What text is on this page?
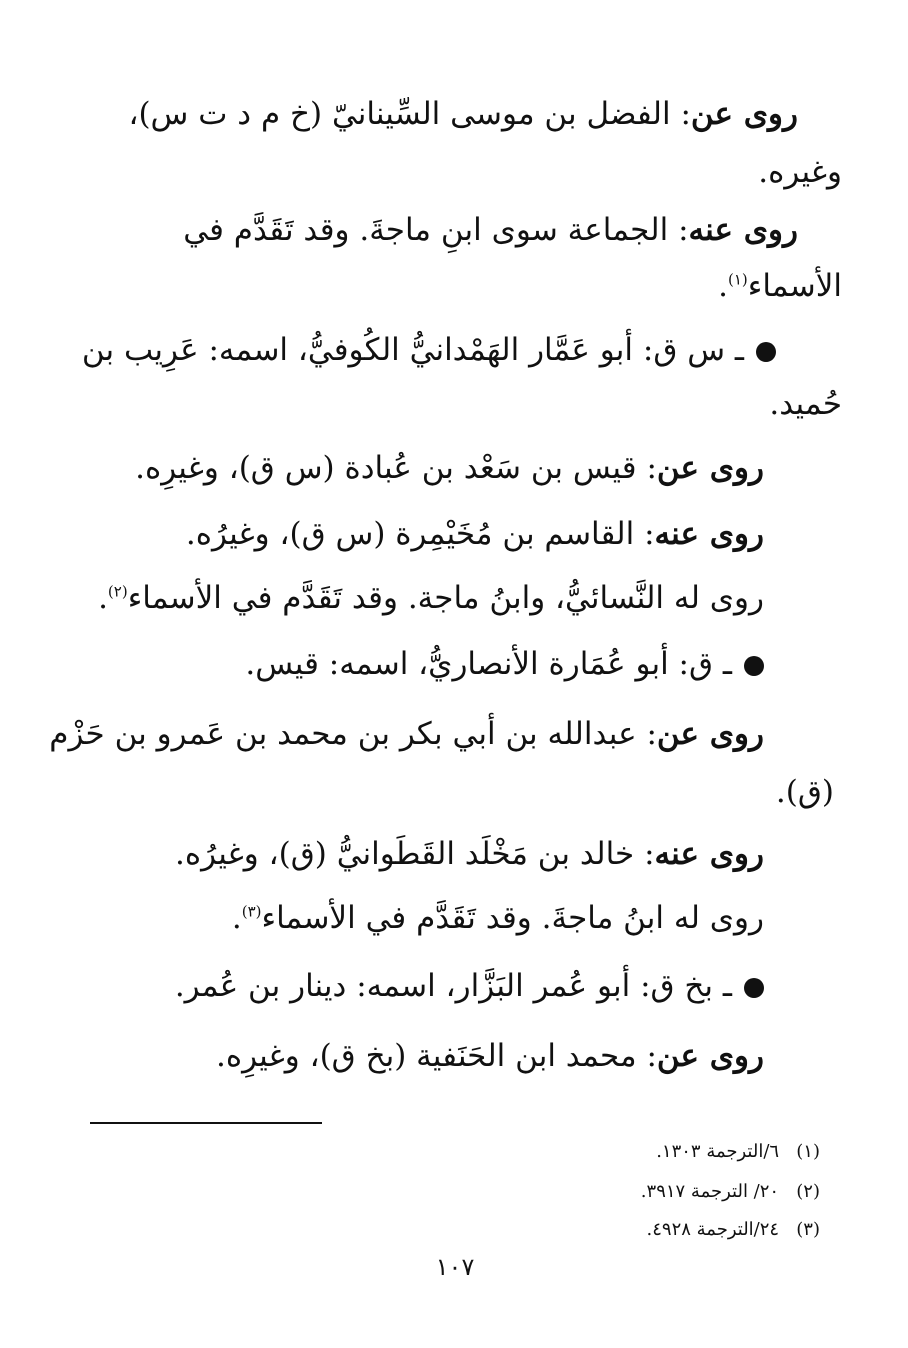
روى عن: الفضل بن موسى السِّينانيّ (خ م د ت س)،
وغيره.
روى عنه: الجماعة سوى ابنِ ماجةَ. وقد تَقَدَّم في
الأسماء$^{(١)}$.
ـ س ق: أبو عَمَّار الهَمْدانيُّ الكُوفيُّ، اسمه: عَرِيب بن
حُميد.
روى عن: قيس بن سَعْد بن عُبادة (س ق)، وغيرِه.
روى عنه: القاسم بن مُخَيْمِرة (س ق)، وغيرُه.
روى له النَّسائيُّ، وابنُ ماجة. وقد تَقَدَّم في الأسماء$^{(٢)}$.
ـ ق: أبو عُمَارة الأنصاريُّ، اسمه: قيس.
روى عن: عبدالله بن أبي بكر بن محمد بن عَمرو بن حَزْم
(ق).
روى عنه: خالد بن مَخْلَد القَطَوانيُّ (ق)، وغيرُه.
روى له ابنُ ماجةَ. وقد تَقَدَّم في الأسماء$^{(٣)}$.
ـ بخ ق: أبو عُمر البَزَّار، اسمه: دينار بن عُمر.
روى عن: محمد ابن الحَنَفية (بخ ق)، وغيرِه.
(١)   ٦/الترجمة ١٣٠٣.
(٢)   ٢٠/ الترجمة ٣٩١٧.
(٣)   ٢٤/الترجمة ٤٩٢٨.
١٠٧
